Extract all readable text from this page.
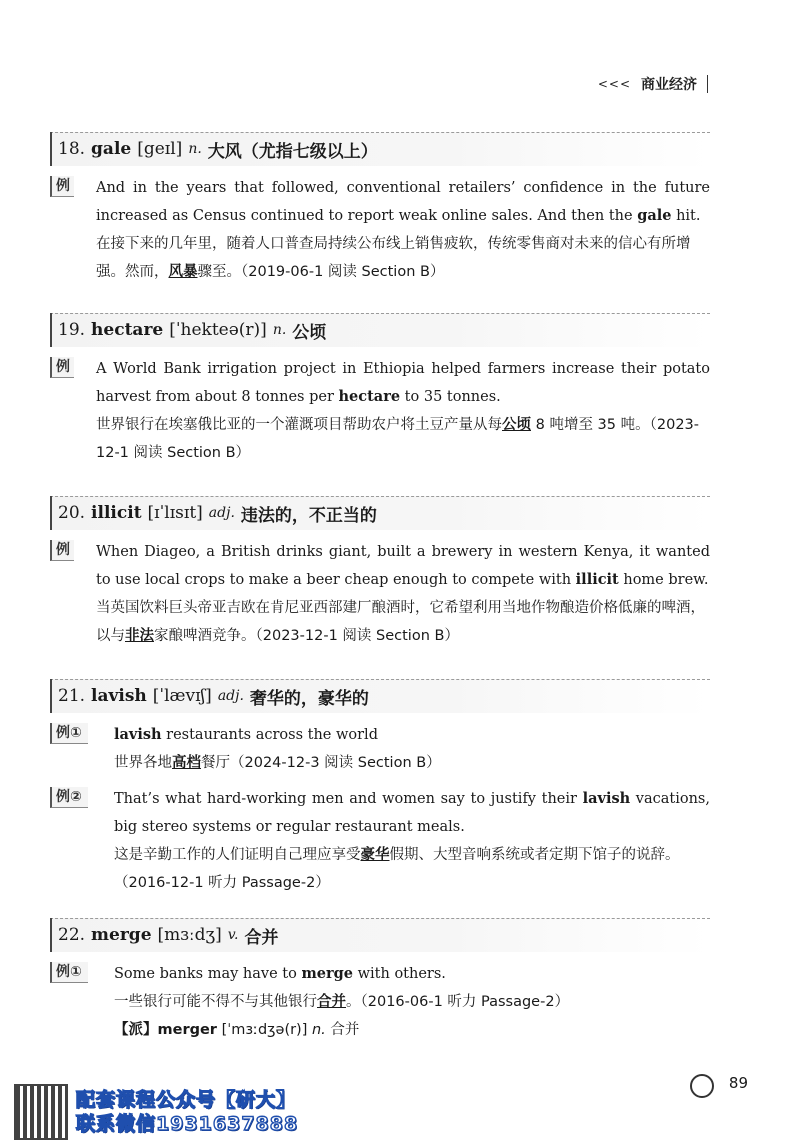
<<< 商业经济
18. gale [geɪl] n. 大风（尤指七级以上）
例	And in the years that followed, conventional retailers’ confidence in the future increased as Census continued to report weak online sales. And then the gale hit.
在接下来的几年里，随着人口普查局持续公布线上销售疲软，传统零售商对未来的信心有所增强。然而，风暴骤至。（2019-06-1 阅读 Section B）
19. hectare [ˈhekteə(r)] n. 公顷
例	A World Bank irrigation project in Ethiopia helped farmers increase their potato harvest from about 8 tonnes per hectare to 35 tonnes.
世界银行在埃塞俄比亚的一个灌溉项目帮助农户将土豆产量从每公顷 8 吨增至 35 吨。（2023-12-1 阅读 Section B）
20. illicit [ɪˈlɪsɪt] adj. 违法的，不正当的
例	When Diageo, a British drinks giant, built a brewery in western Kenya, it wanted to use local crops to make a beer cheap enough to compete with illicit home brew.
当英国饮料巨头帝亚吉欧在肯尼亚西部建厂酿酒时，它希望利用当地作物酿造价格低廉的啤酒，以与非法家酿啤酒竞争。（2023-12-1 阅读 Section B）
21. lavish [ˈlævɪʃ] adj. 奢华的，豪华的
例①	lavish restaurants across the world
世界各地高档餐厅（2024-12-3 阅读 Section B）
例②	That’s what hard-working men and women say to justify their lavish vacations, big stereo systems or regular restaurant meals.
这是辛勤工作的人们证明自己理应享受豪华假期、大型音响系统或者定期下馆子的说辞。（2016-12-1 听力 Passage-2）
22. merge [mɜːdʒ] v. 合并
例①	Some banks may have to merge with others.
一些银行可能不得不与其他银行合并。（2016-06-1 听力 Passage-2）
【派】merger [ˈmɜːdʒə(r)] n. 合并
89
配套课程公众号【研大】
联系微信1931637888
